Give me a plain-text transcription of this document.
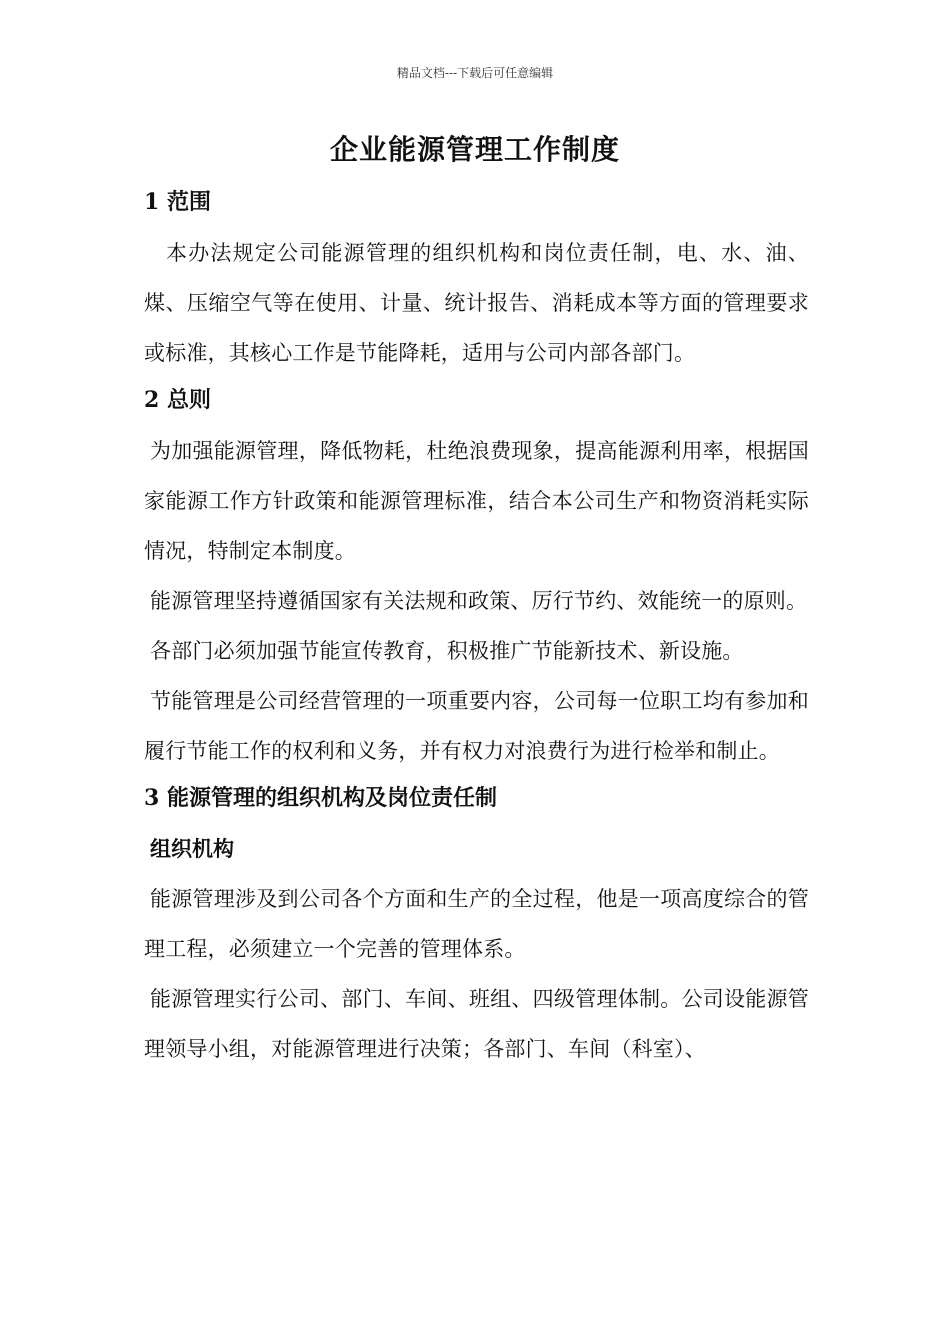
精品文档---下载后可任意编辑
企业能源管理工作制度
1 范围

本办法规定公司能源管理的组织机构和岗位责任制，电、水、油、煤、压缩空气等在使用、计量、统计报告、消耗成本等方面的管理要求或标准，其核心工作是节能降耗，适用与公司内部各部门。

2 总则

为加强能源管理，降低物耗，杜绝浪费现象，提高能源利用率，根据国家能源工作方针政策和能源管理标准，结合本公司生产和物资消耗实际情况，特制定本制度。

能源管理坚持遵循国家有关法规和政策、厉行节约、效能统一的原则。

各部门必须加强节能宣传教育，积极推广节能新技术、新设施。

节能管理是公司经营管理的一项重要内容，公司每一位职工均有参加和履行节能工作的权利和义务，并有权力对浪费行为进行检举和制止。

3 能源管理的组织机构及岗位责任制
组织机构

能源管理涉及到公司各个方面和生产的全过程，他是一项高度综合的管理工程，必须建立一个完善的管理体系。

能源管理实行公司、部门、车间、班组、四级管理体制。公司设能源管理领导小组，对能源管理进行决策；各部门、车间（科室）、
